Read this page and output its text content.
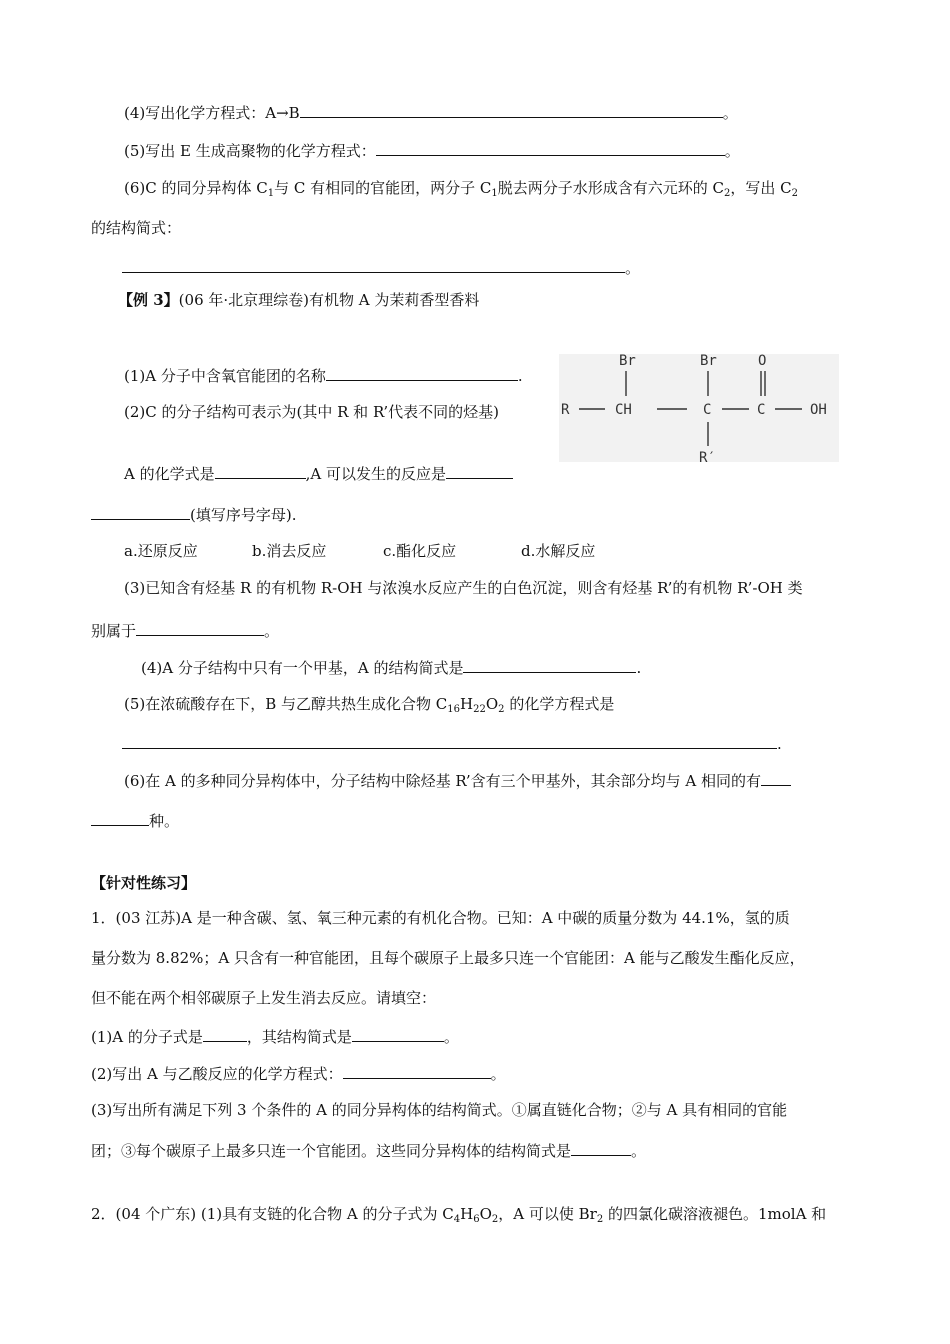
(4)写出化学方程式：A→B	。
(5)写出 E 生成高聚物的化学方程式：	。
(6)C 的同分异构体 $C_1$与 C 有相同的官能团，两分子 $C_1$脱去两分子水形成含有六元环的 $C_2$，写出 $C_2$
的结构简式：
。
【例 3】(06 年·北京理综卷)有机物 A 为茉莉香型香料
(1)A 分子中含氧官能团的名称	.
(2)C 的分子结构可表示为(其中 R 和 R’代表不同的烃基)
Br	Br	O
R	CH	C	C	OH
R′
A 的化学式是	,A 可以发生的反应是
(填写序号字母).
a.还原反应	b.消去反应	c.酯化反应	d.水解反应
(3)已知含有烃基 R 的有机物 R-OH 与浓溴水反应产生的白色沉淀，则含有烃基 R’的有机物 R’-OH 类
别属于	。
(4)A 分子结构中只有一个甲基，A 的结构简式是	.
(5)在浓硫酸存在下，B 与乙醇共热生成化合物 $C_{16}H_{22}O_2$ 的化学方程式是
.
(6)在 A 的多种同分异构体中，分子结构中除烃基 R’含有三个甲基外，其余部分均与 A 相同的有
种。
【针对性练习】
1．(03 江苏)A 是一种含碳、氢、氧三种元素的有机化合物。已知：A 中碳的质量分数为 44.1%，氢的质
量分数为 8.82%；A 只含有一种官能团，且每个碳原子上最多只连一个官能团：A 能与乙酸发生酯化反应，
但不能在两个相邻碳原子上发生消去反应。请填空：
(1)A 的分子式是	，其结构简式是	。
(2)写出 A 与乙酸反应的化学方程式：	。
(3)写出所有满足下列 3 个条件的 A 的同分异构体的结构简式。①属直链化合物；②与 A 具有相同的官能
团；③每个碳原子上最多只连一个官能团。这些同分异构体的结构简式是	。
2．(04 个广东) (1)具有支链的化合物 A 的分子式为 $C_4H_6O_2$，A 可以使 $Br_2$ 的四氯化碳溶液褪色。1molA 和
